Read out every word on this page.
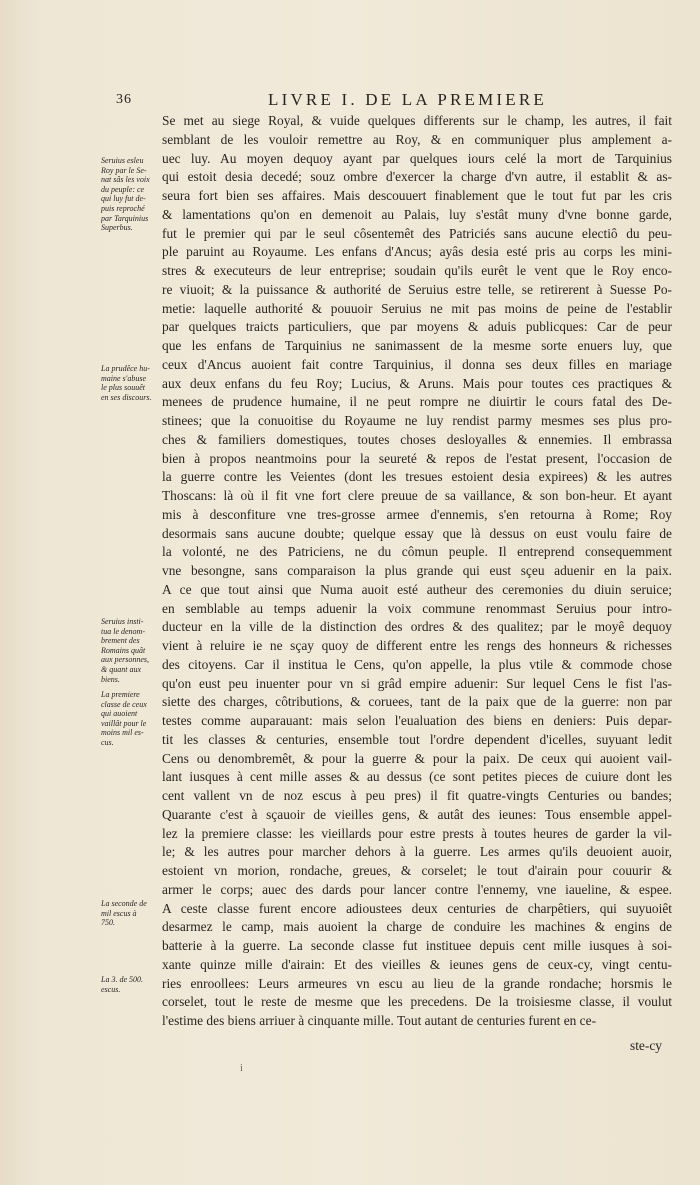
36	LIVRE I. DE LA PREMIERE
Se met au siege Royal, & vuide quelques differents sur le champ, les autres, il fait
semblant de les vouloir remettre au Roy, & en communiquer plus amplement a-
uec luy. Au moyen dequoy ayant par quelques iours celé la mort de Tarquinius
qui estoit desia decedé; souz ombre d'exercer la charge d'vn autre, il establit & as-
seura fort bien ses affaires. Mais descouuert finablement que le tout fut par les cris
& lamentations qu'on en demenoit au Palais, luy s'estât muny d'vne bonne garde,
fut le premier qui par le seul côsentemêt des Patriciés sans aucune electiô du peu-
ple paruint au Royaume. Les enfans d'Ancus; ayâs desia esté pris au corps les mini-
stres & executeurs de leur entreprise; soudain qu'ils eurêt le vent que le Roy enco-
re viuoit; & la puissance & authorité de Seruius estre telle, se retirerent à Suesse Po-
metie: laquelle authorité & pouuoir Seruius ne mit pas moins de peine de l'establir
par quelques traicts particuliers, que par moyens & aduis publicques: Car de peur
que les enfans de Tarquinius ne sanimassent de la mesme sorte enuers luy, que
ceux d'Ancus auoient fait contre Tarquinius, il donna ses deux filles en mariage
aux deux enfans du feu Roy; Lucius, & Aruns. Mais pour toutes ces practiques &
menees de prudence humaine, il ne peut rompre ne diuirtir le cours fatal des De-
stinees; que la conuoitise du Royaume ne luy rendist parmy mesmes ses plus pro-
ches & familiers domestiques, toutes choses desloyalles & ennemies. Il embrassa
bien à propos neantmoins pour la seureté & repos de l'estat present, l'occasion de
la guerre contre les Veientes (dont les tresues estoient desia expirees) & les autres
Thoscans: là où il fit vne fort clere preuue de sa vaillance, & son bon-heur. Et ayant
mis à desconfiture vne tres-grosse armee d'ennemis, s'en retourna à Rome; Roy
desormais sans aucune doubte; quelque essay que là dessus on eust voulu faire de
la volonté, ne des Patriciens, ne du cômun peuple. Il entreprend consequemment
vne besongne, sans comparaison la plus grande qui eust sçeu aduenir en la paix.
A ce que tout ainsi que Numa auoit esté autheur des ceremonies du diuin seruice;
en semblable au temps aduenir la voix commune renommast Seruius pour intro-
ducteur en la ville de la distinction des ordres & des qualitez; par le moyê dequoy
vient à reluire ie ne sçay quoy de different entre les rengs des honneurs & richesses
des citoyens. Car il institua le Cens, qu'on appelle, la plus vtile & commode chose
qu'on eust peu inuenter pour vn si grâd empire aduenir: Sur lequel Cens le fist l'as-
siette des charges, côtributions, & coruees, tant de la paix que de la guerre: non par
testes comme auparauant: mais selon l'eualuation des biens en deniers: Puis depar-
tit les classes & centuries, ensemble tout l'ordre dependent d'icelles, suyuant ledit
Cens ou denombremêt, & pour la guerre & pour la paix. De ceux qui auoient vail-
lant iusques à cent mille asses & au dessus (ce sont petites pieces de cuiure dont les
cent vallent vn de noz escus à peu pres) il fit quatre-vingts Centuries ou bandes;
Quarante c'est à sçauoir de vieilles gens, & autât des ieunes: Tous ensemble appel-
lez la premiere classe: les vieillards pour estre prests à toutes heures de garder la vil-
le; & les autres pour marcher dehors à la guerre. Les armes qu'ils deuoient auoir,
estoient vn morion, rondache, greues, & corselet; le tout d'airain pour couurir &
armer le corps; auec des dards pour lancer contre l'ennemy, vne iaueline, & espee.
A ceste classe furent encore adioustees deux centuries de charpêtiers, qui suyuoiêt
desarmez le camp, mais auoient la charge de conduire les machines & engins de
batterie à la guerre. La seconde classe fut instituee depuis cent mille iusques à soi-
xante quinze mille d'airain: Et des vieilles & ieunes gens de ceux-cy, vingt centu-
ries enroollees: Leurs armeures vn escu au lieu de la grande rondache; horsmis le
corselet, tout le reste de mesme que les precedens. De la troisiesme classe, il voulut
l'estime des biens arriuer à cinquante mille. Tout autant de centuries furent en ce-
Seruius esleu
Roy par le Se-
nat sâs les voix
du peuple: ce
qui luy fut de-
puis reproché
par Tarquinius
Superbus.
La prudêce hu-
maine s'abuse
le plus souuêt
en ses discours.
Seruius insti-
tua le denom-
brement des
Romains quât
aux personnes,
& quant aux
biens.
La premiere
classe de ceux
qui auoient
vaillât pour le
moins mil es-
cus.
La seconde de
mil escus à
750.
La 3. de 500.
escus.
ste-cy
i
